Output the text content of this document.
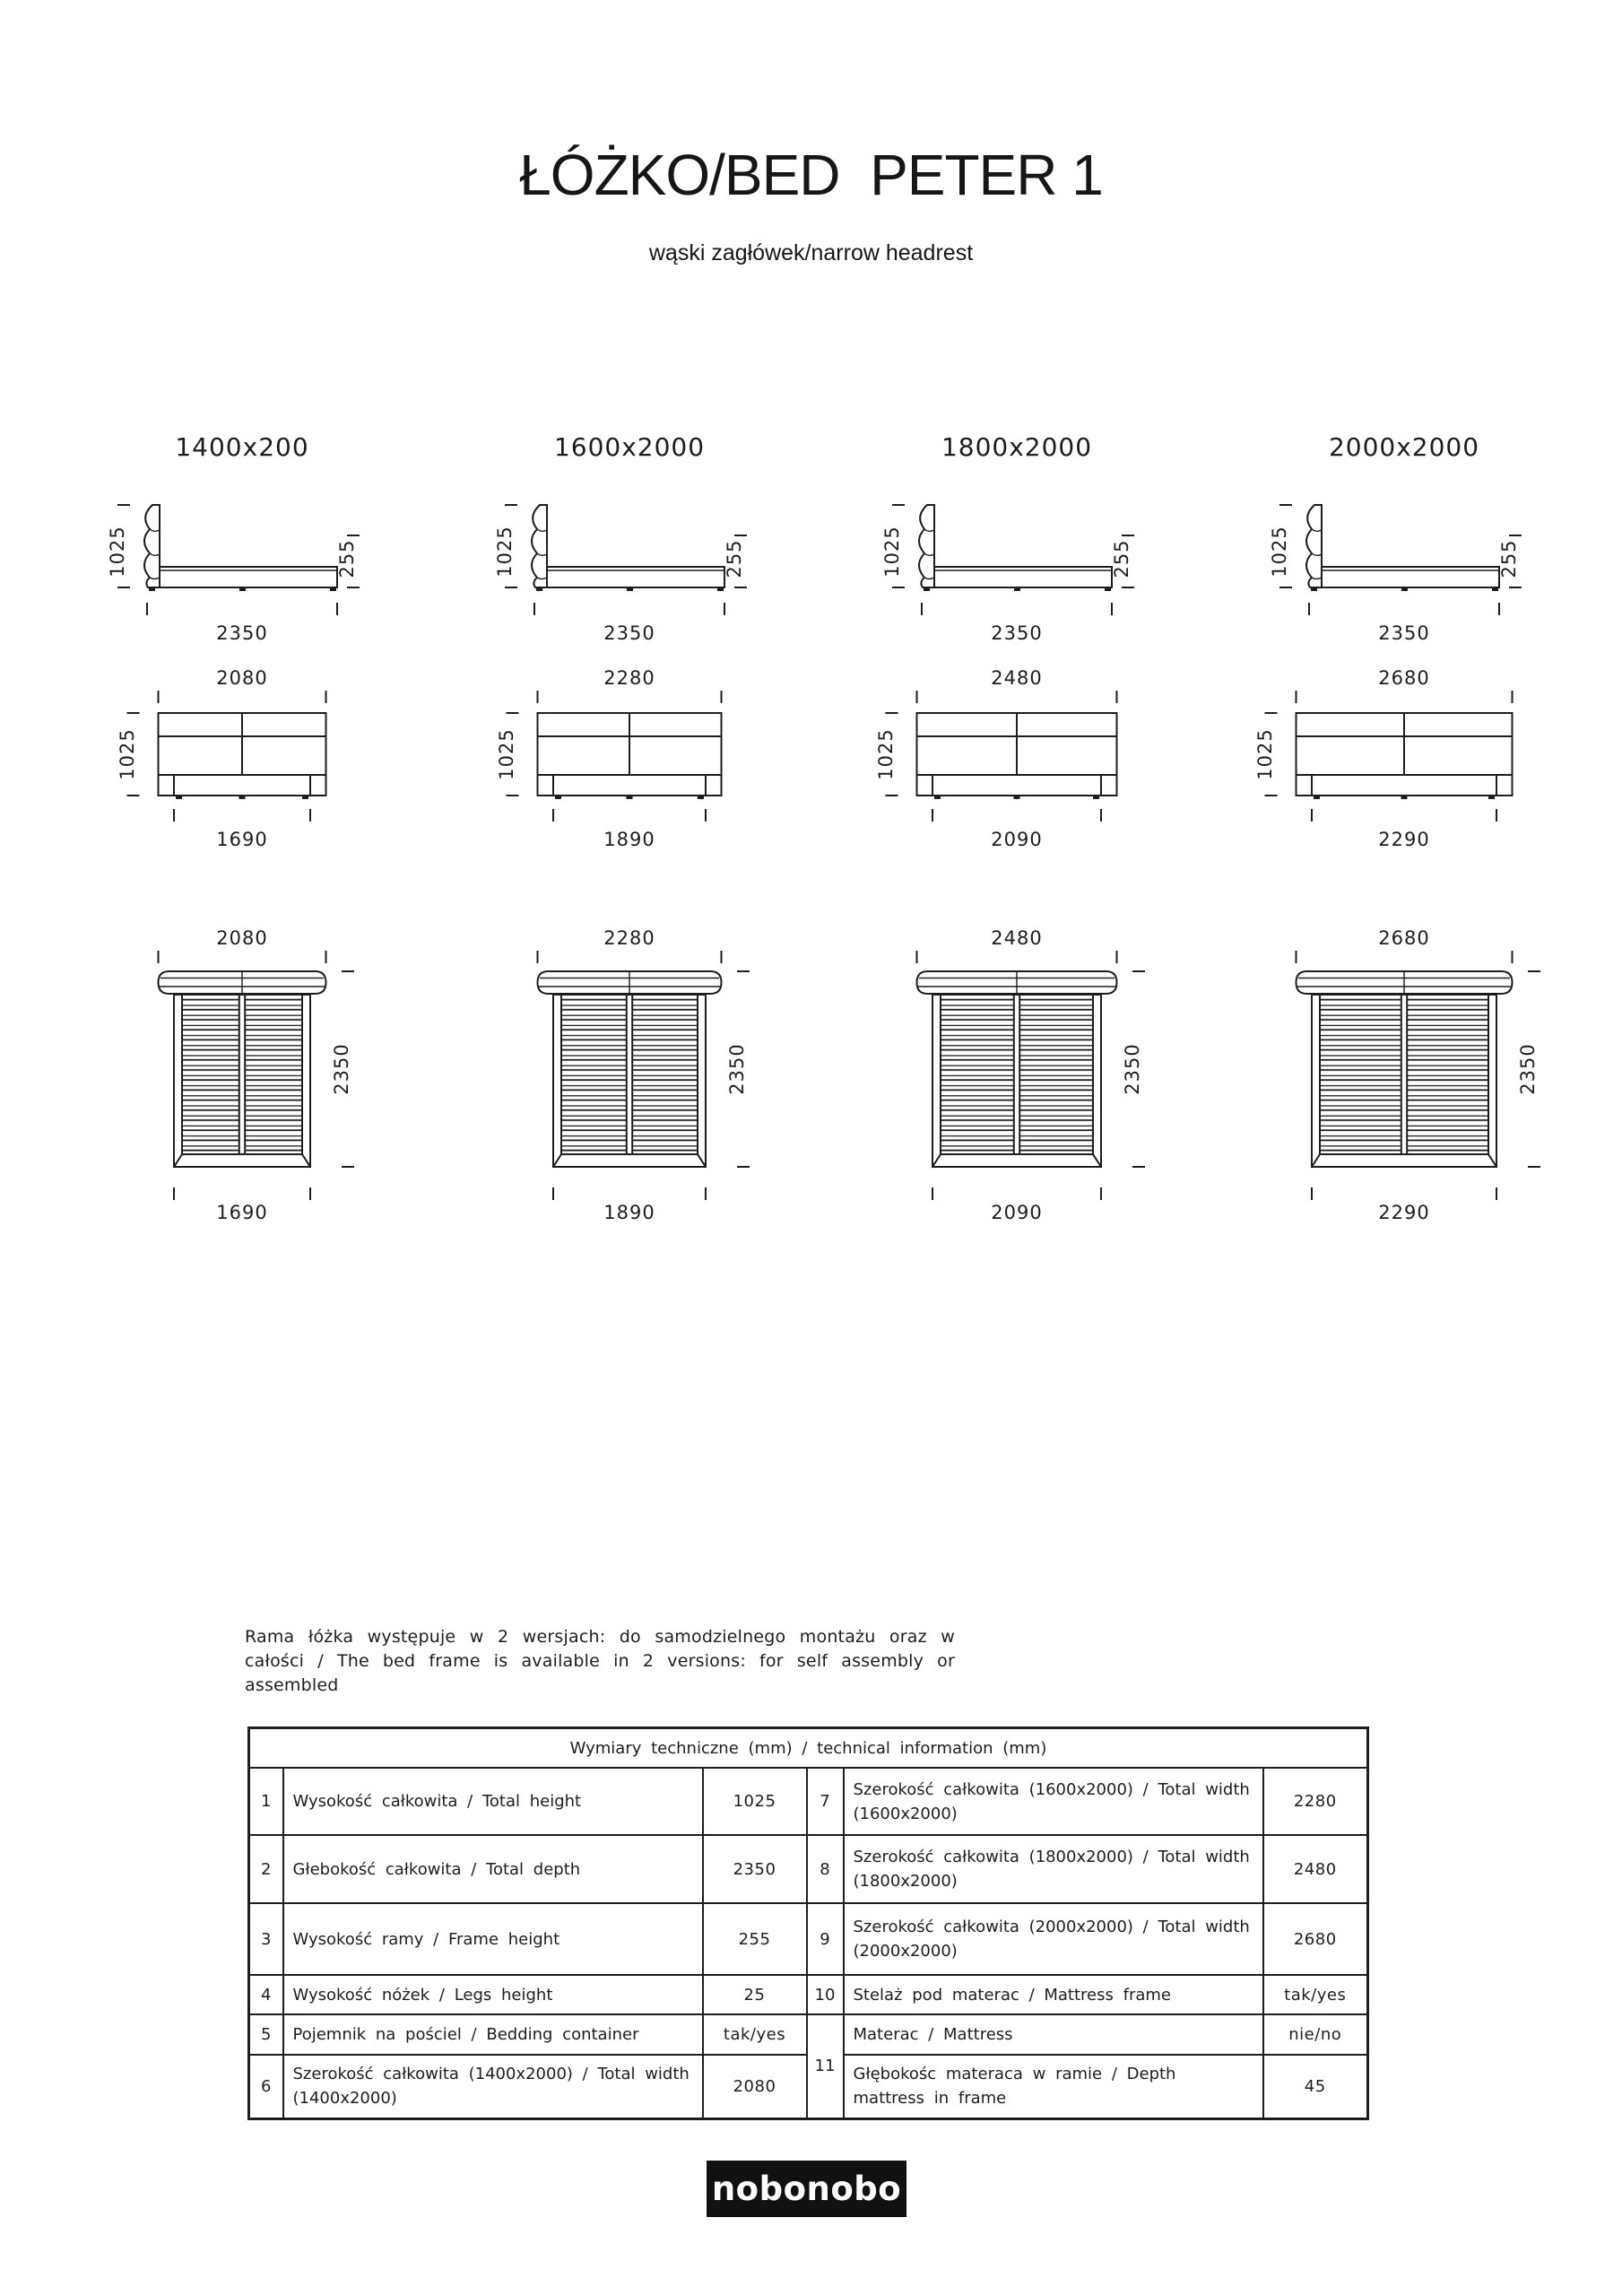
ŁÓŻKO/BED  PETER 1
wąski zagłówek/narrow headrest
1400x200	1600x2000	1800x2000	2000x2000
1025	255
2350
1025	255
2350
1025	255
2350
1025	255
2350
2080
1025
1690
2280
1025
1890
2480
1025
2090
2680
1025
2290
2080
2350
1690
2280
2350
1890
2480
2350
2090
2680
2350
2290
Rama łóżka występuje w 2 wersjach: do samodzielnego montażu oraz w całości / The bed frame is available in 2 versions: for self assembly or assembled
Wymiary techniczne (mm) / technical information (mm)					
1	Wysokość całkowita / Total height	1025	7	Szerokość całkowita (1600x2000) / Total width (1600x2000)	2280
2	Głebokość całkowita / Total depth	2350	8	Szerokość całkowita (1800x2000) / Total width (1800x2000)	2480
3	Wysokość ramy / Frame height	255	9	Szerokość całkowita (2000x2000) / Total width (2000x2000)	2680
4	Wysokość nóżek / Legs height	25	10	Stelaż pod materac / Mattress frame	tak/yes
5	Pojemnik na pościel / Bedding container	tak/yes	11	Materac / Mattress	nie/no
6	Szerokość całkowita (1400x2000) / Total width (1400x2000)	2080		Głębokośc materaca w ramie / Depth mattress in frame	45
nobonobo
